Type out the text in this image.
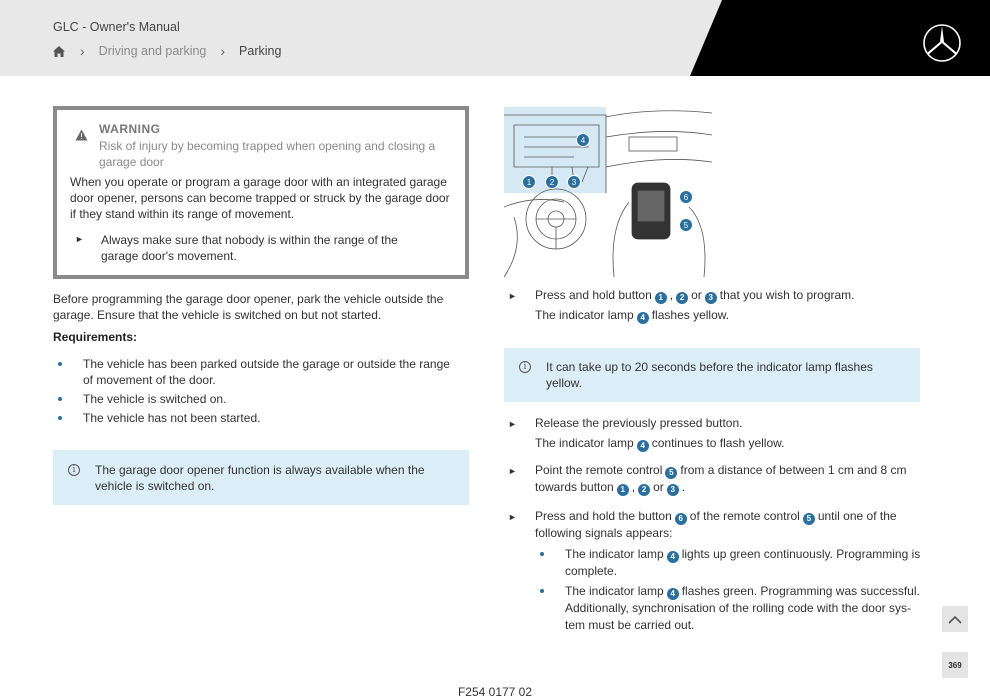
GLC - Owner's Manual
› Driving and parking › Parking
WARNING
Risk of injury by becoming trapped when opening and closing a garage door
When you operate or program a garage door with an integrated garage door opener, persons can become trapped or struck by the garage door if they stand within its range of movement.
► Always make sure that nobody is within the range of the garage door's movement.
Before programming the garage door opener, park the vehicle outside the garage. Ensure that the vehicle is switched on but not started.
Requirements:
The vehicle has been parked outside the garage or outside the range of movement of the door.
The vehicle is switched on.
The vehicle has not been started.
i	The garage door opener function is always available when the vehicle is switched on.
4
1 2 3
6
5
► Press and hold button 1 , 2 or 3 that you wish to program.
The indicator lamp 4 flashes yellow.
i	It can take up to 20 seconds before the indicator lamp flashes yellow.
► Release the previously pressed button.
The indicator lamp 4 continues to flash yellow.
► Point the remote control 5 from a distance of between 1 cm and 8 cm towards button 1 , 2 or 3 .
► Press and hold the button 6 of the remote control 5 until one of the following signals appears:
The indicator lamp 4 lights up green continuously. Programming is complete.
The indicator lamp 4 flashes green. Programming was successful. Additionally, synchronisation of the rolling code with the door sys-tem must be carried out.
369
F254 0177 02
